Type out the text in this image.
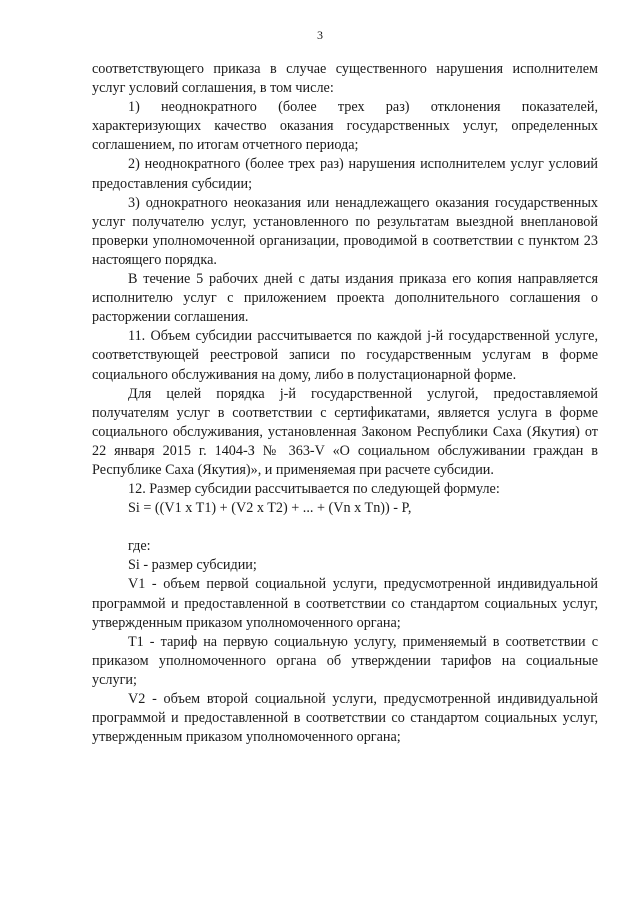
3

соответствующего приказа в случае существенного нарушения исполнителем услуг условий соглашения, в том числе:

1) неоднократного (более трех раз) отклонения показателей, характеризующих качество оказания государственных услуг, определенных соглашением, по итогам отчетного периода;

2) неоднократного (более трех раз) нарушения исполнителем услуг условий предоставления субсидии;

3) однократного неоказания или ненадлежащего оказания государственных услуг получателю услуг, установленного по результатам выездной внеплановой проверки уполномоченной организации, проводимой в соответствии с пунктом 23 настоящего порядка.

В течение 5 рабочих дней с даты издания приказа его копия направляется исполнителю услуг с приложением проекта дополнительного соглашения о расторжении соглашения.

11. Объем субсидии рассчитывается по каждой j-й государственной услуге, соответствующей реестровой записи по государственным услугам в форме социального обслуживания на дому, либо в полустационарной форме.

Для целей порядка j-й государственной услугой, предоставляемой получателям услуг в соответствии с сертификатами, является услуга в форме социального обслуживания, установленная Законом Республики Саха (Якутия) от 22 января 2015 г. 1404-З № 363-V «О социальном обслуживании граждан в Республике Саха (Якутия)», и применяемая при расчете субсидии.

12. Размер субсидии рассчитывается по следующей формуле:

Si = ((V1 x T1) + (V2 x T2) + ... + (Vn x Tn)) - P,

где:

Si - размер субсидии;

V1 - объем первой социальной услуги, предусмотренной индивидуальной программой и предоставленной в соответствии со стандартом социальных услуг, утвержденным приказом уполномоченного органа;

T1 - тариф на первую социальную услугу, применяемый в соответствии с приказом уполномоченного органа об утверждении тарифов на социальные услуги;

V2 - объем второй социальной услуги, предусмотренной индивидуальной программой и предоставленной в соответствии со стандартом социальных услуг, утвержденным приказом уполномоченного органа;
